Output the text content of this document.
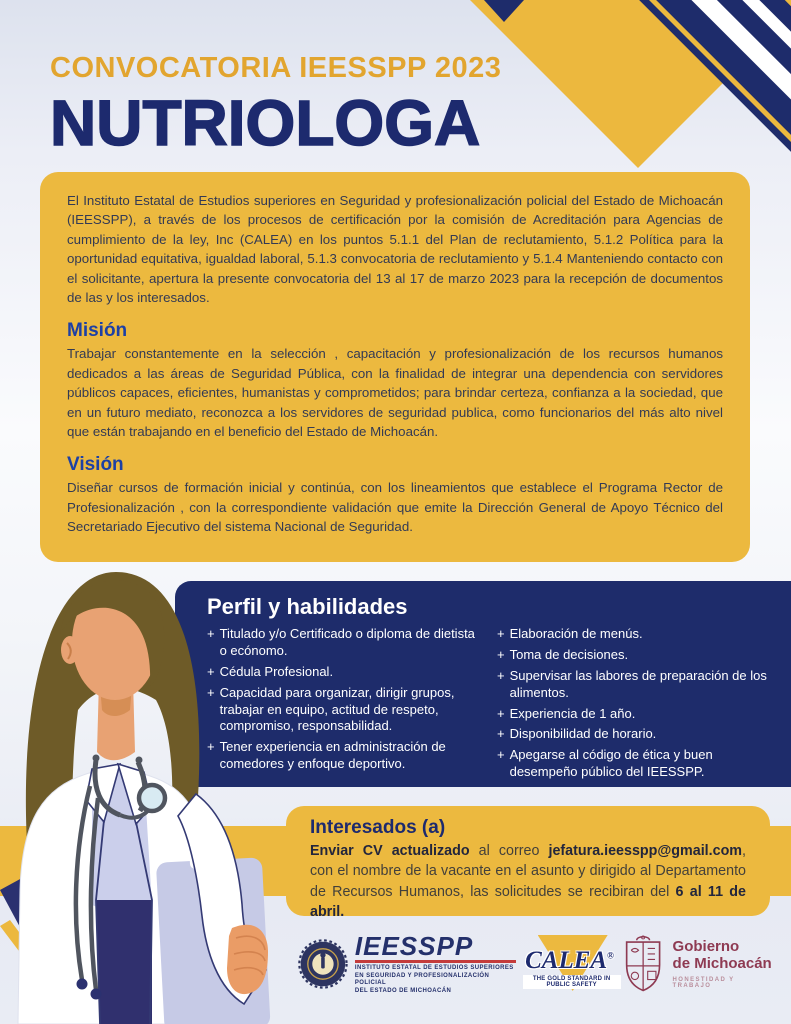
CONVOCATORIA IEESSPP 2023
NUTRIOLOGA

El Instituto Estatal de Estudios superiores en Seguridad y profesionalización policial del Estado de Michoacán (IEESSPP), a través de los procesos de certificación por la comisión de Acreditación para Agencias de cumplimiento de la ley, Inc (CALEA) en los puntos 5.1.1 del Plan de reclutamiento, 5.1.2 Política para la oportunidad equitativa, igualdad laboral, 5.1.3 convocatoria de reclutamiento y 5.1.4 Manteniendo contacto con el solicitante, apertura la presente convocatoria del 13 al 17 de marzo 2023 para la recepción de documentos de las y los interesados.

Misión

Trabajar constantemente en la selección , capacitación y profesionalización de los recursos humanos dedicados a las áreas de Seguridad Pública, con la finalidad de integrar una dependencia con servidores públicos capaces, eficientes, humanistas y comprometidos; para brindar certeza, confianza a la sociedad, que en un futuro mediato, reconozca a los servidores de seguridad publica, como funcionarios del más alto nivel que están trabajando en el beneficio del Estado de Michoacán.

Visión

Diseñar cursos de formación inicial y continúa, con los lineamientos que establece el Programa Rector de Profesionalización , con la correspondiente validación que emite la Dirección General de Apoyo Técnico del Secretariado Ejecutivo del sistema Nacional de Seguridad.

Perfil y habilidades
+ Titulado y/o Certificado o diploma de dietista o ecónomo.
+ Cédula Profesional.
+ Capacidad para organizar, dirigir grupos, trabajar en equipo, actitud de respeto, compromiso, responsabilidad.
+ Tener experiencia en administración de comedores y enfoque deportivo.
+ Elaboración de menús.
+ Toma de decisiones.
+ Supervisar las labores de preparación de los alimentos.
+ Experiencia de 1 año.
+ Disponibilidad de horario.
+ Apegarse al código de ética y buen desempeño público del IEESSPP.
Interesados (a)
Enviar CV actualizado al correo jefatura.ieesspp@gmail.com, con el nombre de la vacante en el asunto y dirigido al Departamento de Recursos Humanos, las solicitudes se recibiran del 6 al 11 de abril.
IEESSPP
INSTITUTO ESTATAL DE ESTUDIOS SUPERIORES
EN SEGURIDAD Y PROFESIONALIZACIÓN POLICIAL
DEL ESTADO DE MICHOACÁN
CALEA®
THE GOLD STANDARD IN PUBLIC SAFETY
Gobierno
de Michoacán
HONESTIDAD Y TRABAJO
